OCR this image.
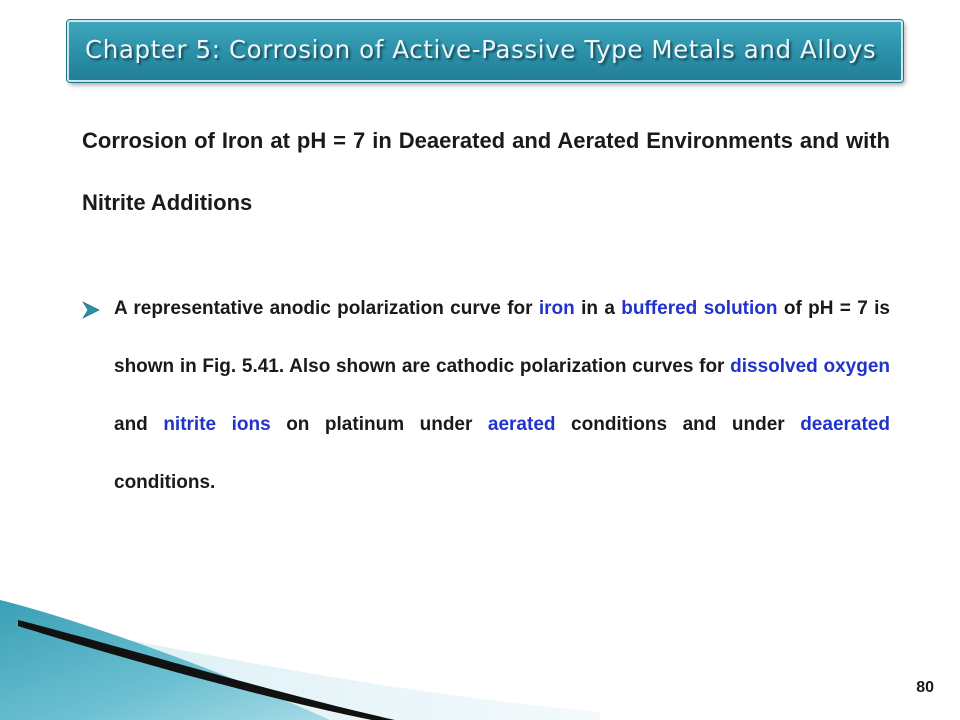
Chapter 5: Corrosion of Active-Passive Type Metals and Alloys

Corrosion of Iron at pH = 7 in Deaerated and Aerated Environments and with Nitrite Additions

A representative anodic polarization curve for iron in a buffered solution of pH = 7 is shown in Fig. 5.41. Also shown are cathodic polarization curves for dissolved oxygen and nitrite ions on platinum under aerated conditions and under deaerated conditions.

80
